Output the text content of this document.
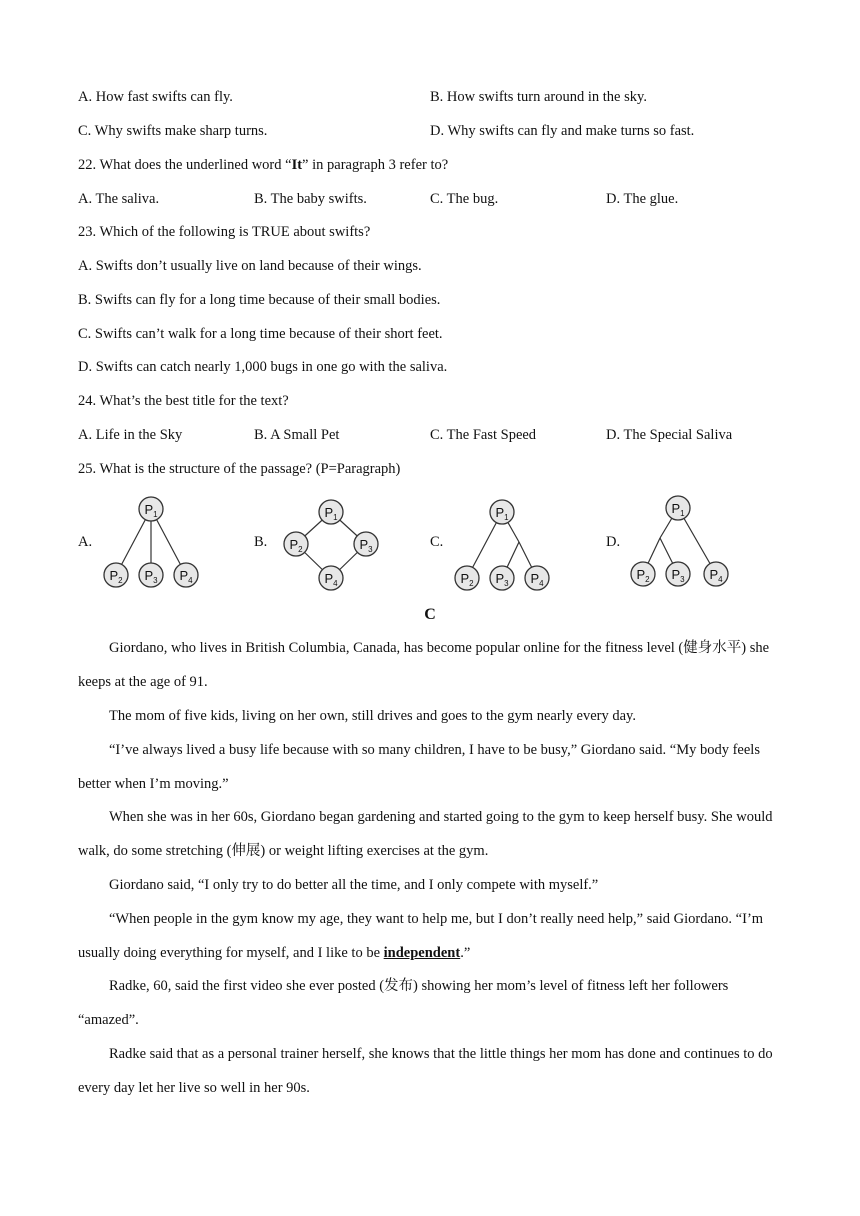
A. How fast swifts can fly.	B. How swifts turn around in the sky.
C. Why swifts make sharp turns.	D. Why swifts can fly and make turns so fast.
22. What does the underlined word “It” in paragraph 3 refer to?
A. The saliva.	B. The baby swifts.	C. The bug.	D. The glue.
23. Which of the following is TRUE about swifts?
A. Swifts don’t usually live on land because of their wings.
B. Swifts can fly for a long time because of their small bodies.
C. Swifts can’t walk for a long time because of their short feet.
D. Swifts can catch nearly 1,000 bugs in one go with the saliva.
24. What’s the best title for the text?
A. Life in the Sky	B. A Small Pet	C. The Fast Speed	D. The Special Saliva
25. What is the structure of the passage? (P=Paragraph)
A.	B.	C.	D.
$P_1$
$P_2$ $P_3$ $P_4$
$P_1$
$P_2$	$P_3$
$P_4$
$P_1$
$P_2$ $P_3$ $P_4$
$P_1$
$P_2$ $P_3$ $P_4$
C
Giordano, who lives in British Columbia, Canada, has become popular online for the fitness level (健身水平) she keeps at the age of 91.
The mom of five kids, living on her own, still drives and goes to the gym nearly every day.
“I’ve always lived a busy life because with so many children, I have to be busy,” Giordano said. “My body feels better when I’m moving.”
When she was in her 60s, Giordano began gardening and started going to the gym to keep herself busy. She would walk, do some stretching (伸展) or weight lifting exercises at the gym.
Giordano said, “I only try to do better all the time, and I only compete with myself.”
“When people in the gym know my age, they want to help me, but I don’t really need help,” said Giordano. “I’m usually doing everything for myself, and I like to be independent.”
Radke, 60, said the first video she ever posted (发布) showing her mom’s level of fitness left her followers “amazed”.
Radke said that as a personal trainer herself, she knows that the little things her mom has done and continues to do every day let her live so well in her 90s.
